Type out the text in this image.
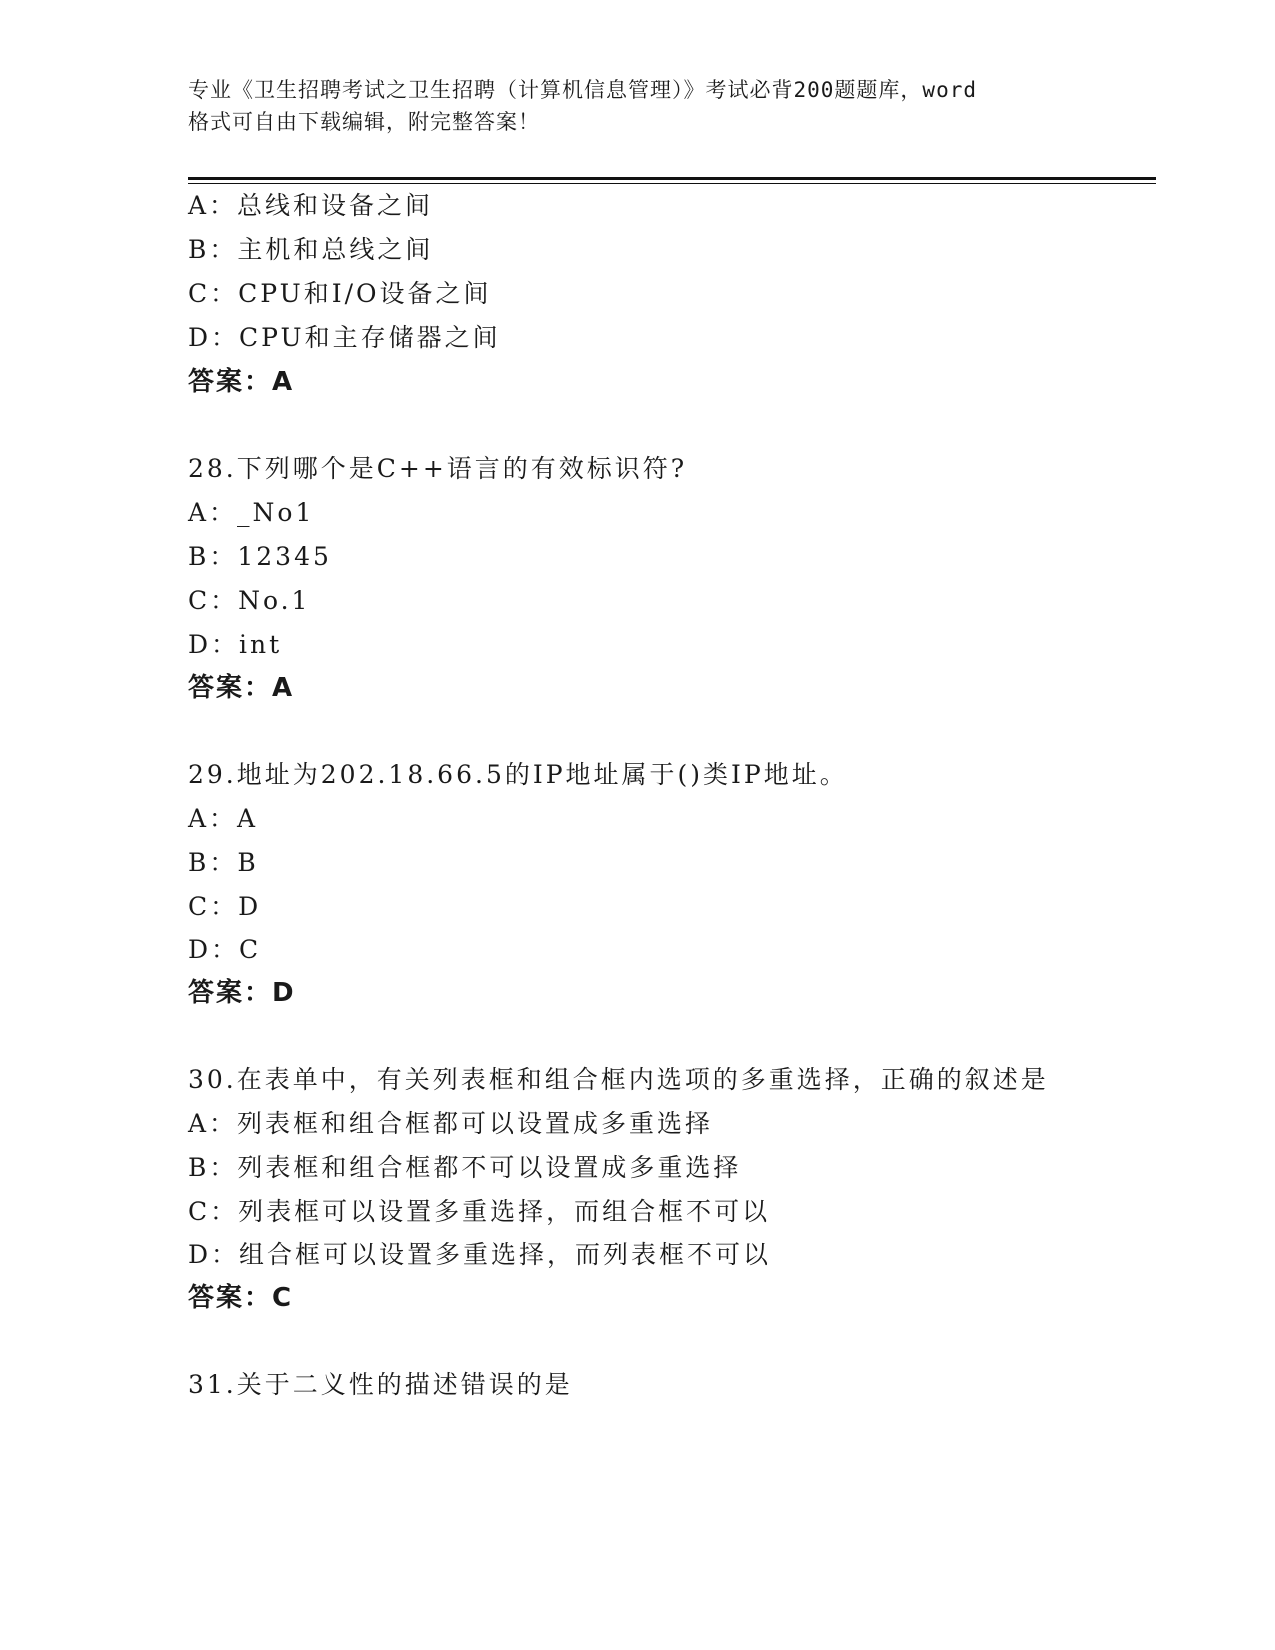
专业《卫生招聘考试之卫生招聘（计算机信息管理）》考试必背200题题库，word
格式可自由下载编辑，附完整答案！
A：总线和设备之间
B：主机和总线之间
C：CPU和I/O设备之间
D：CPU和主存储器之间
答案：A
28.下列哪个是C++语言的有效标识符?
A：_No1
B：12345
C：No.1
D：int
答案：A
29.地址为202.18.66.5的IP地址属于()类IP地址。
A：A
B：B
C：D
D：C
答案：D
30.在表单中，有关列表框和组合框内选项的多重选择，正确的叙述是
A：列表框和组合框都可以设置成多重选择
B：列表框和组合框都不可以设置成多重选择
C：列表框可以设置多重选择，而组合框不可以
D：组合框可以设置多重选择，而列表框不可以
答案：C
31.关于二义性的描述错误的是
